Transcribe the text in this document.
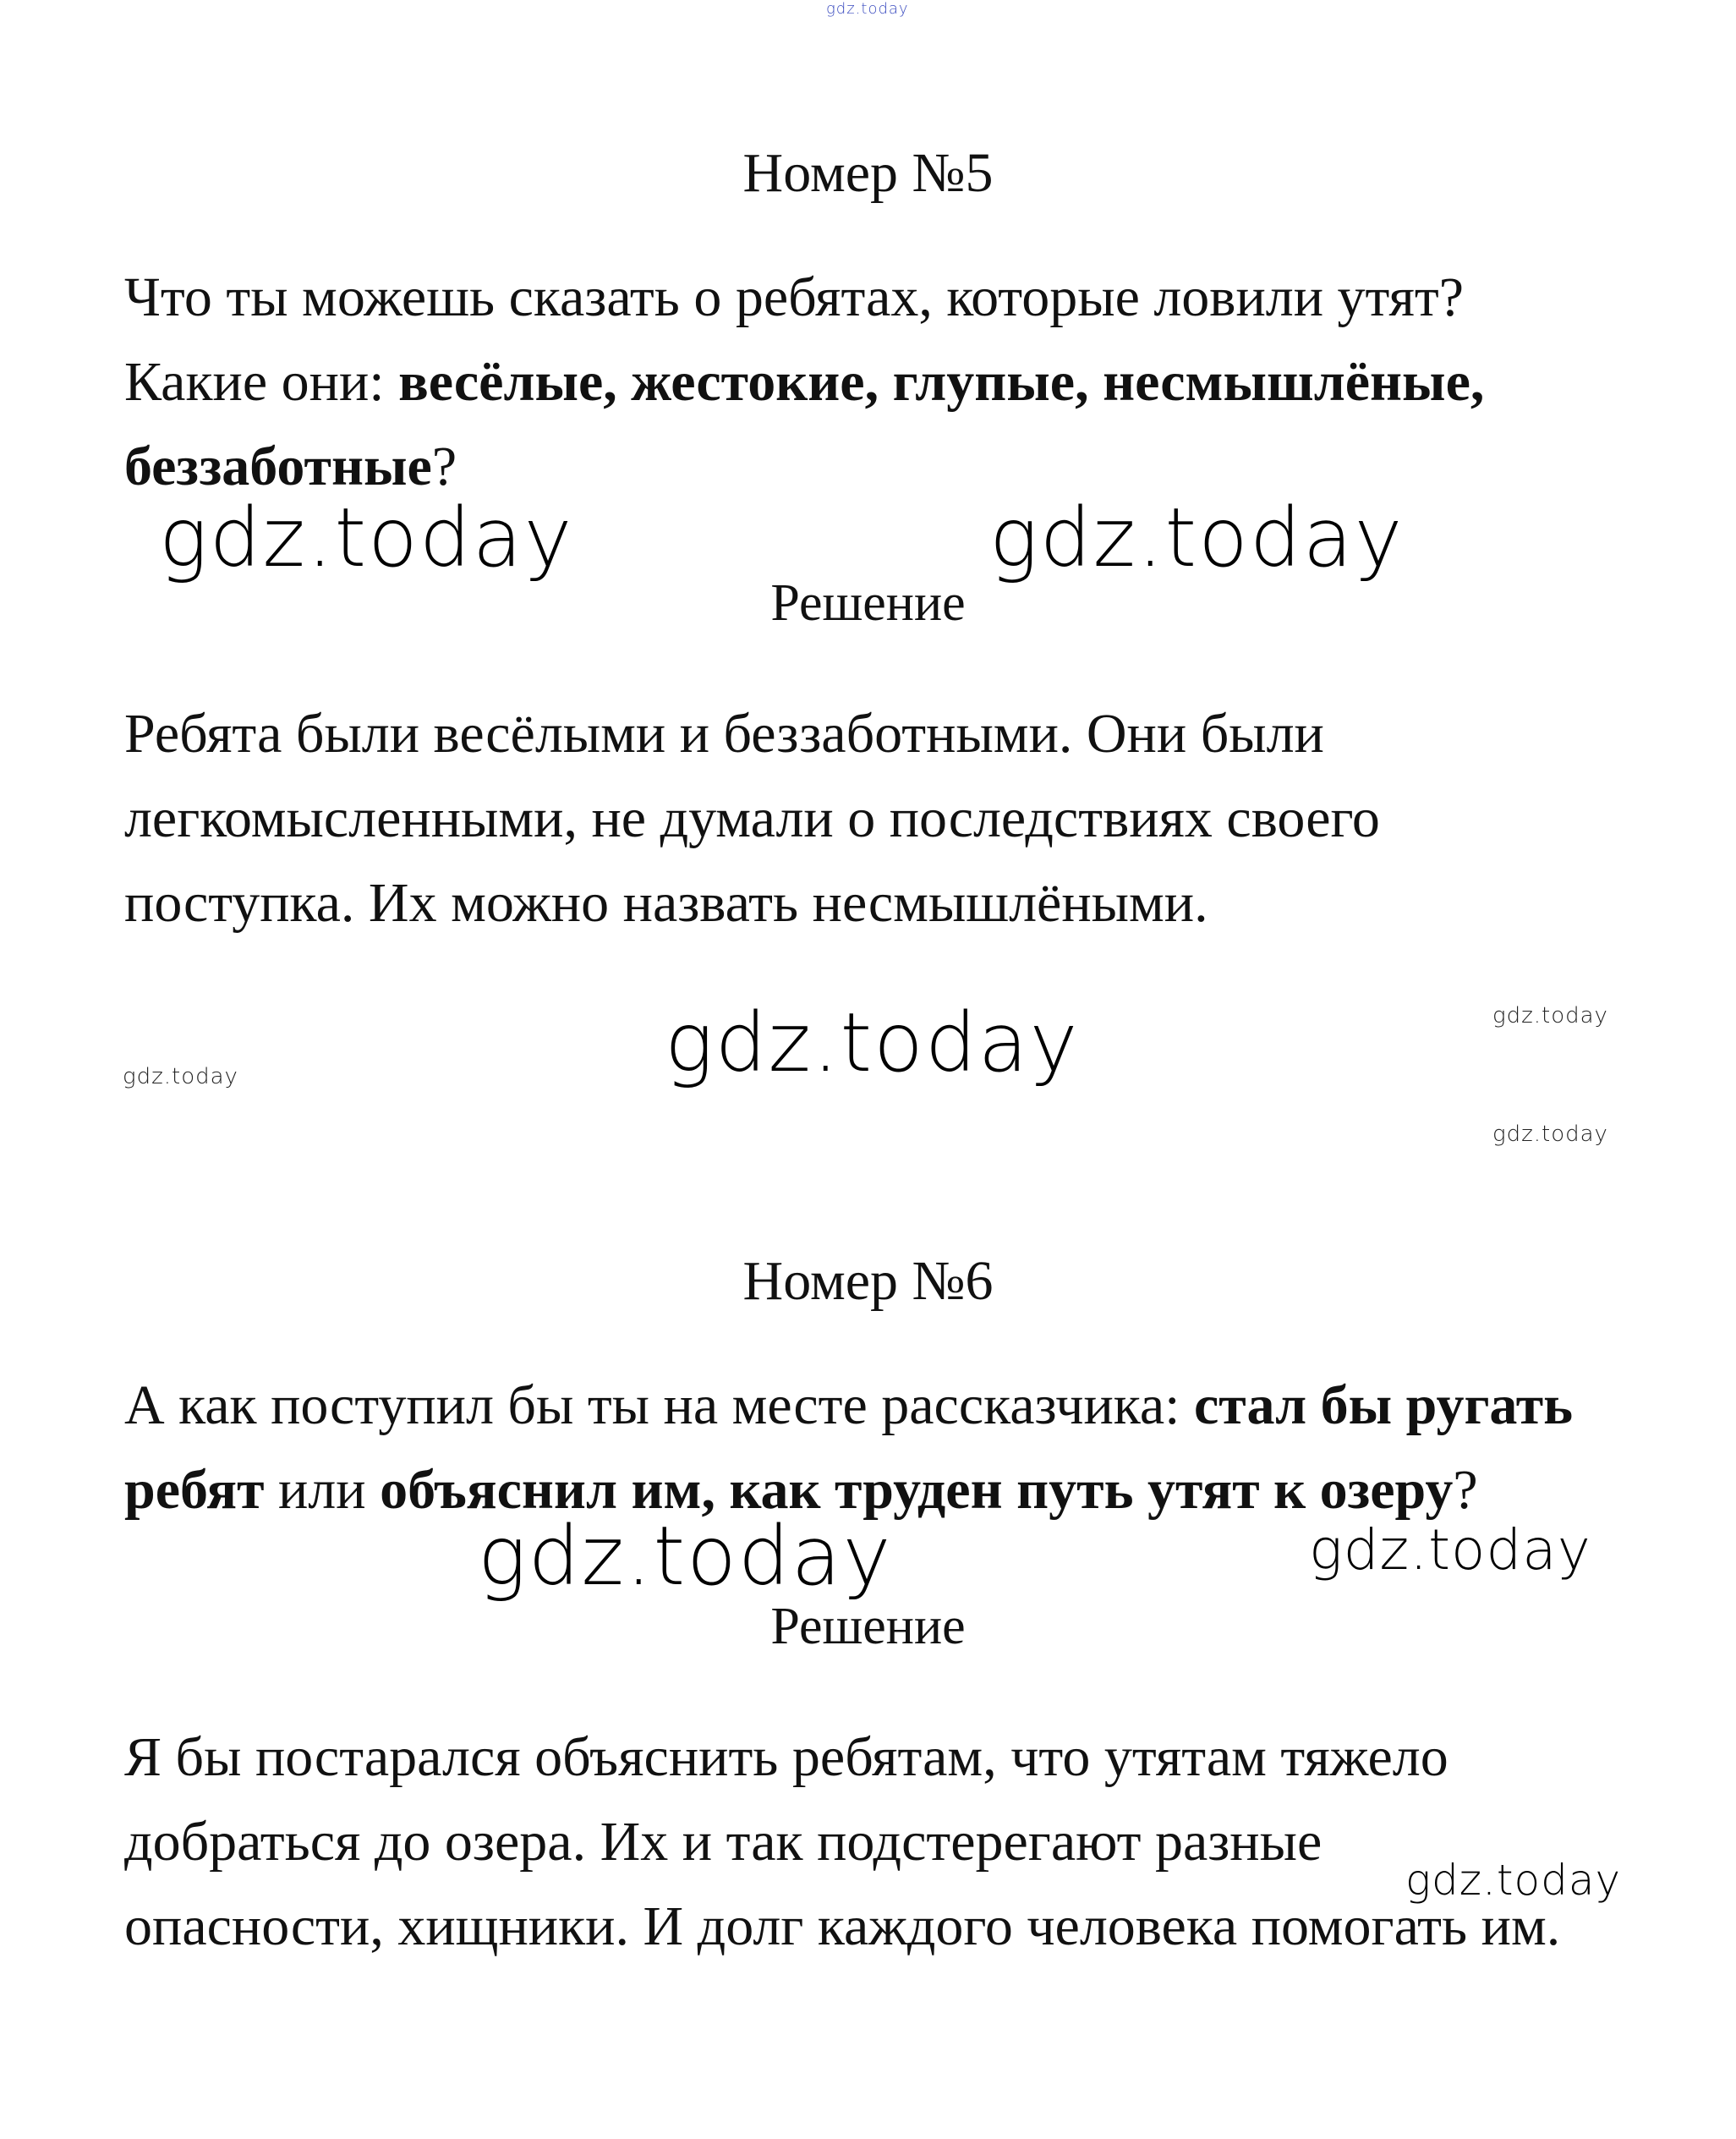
gdz.today
Номер №5
Что ты можешь сказать о ребятах, которые ловили утят?
Какие они: весёлые, жестокие, глупые, несмышлёные,
беззаботные?
gdz.today	gdz.today
Решение
Ребята были весёлыми и беззаботными. Они были
легкомысленными, не думали о последствиях своего
поступка. Их можно назвать несмышлёными.
gdz.today	gdz.today
gdz.today
gdz.today
Номер №6
А как поступил бы ты на месте рассказчика: стал бы ругать
ребят или объяснил им, как труден путь утят к озеру?
gdz.today	gdz.today
Решение
Я бы постарался объяснить ребятам, что утятам тяжело
добраться до озера. Их и так подстерегают разные
опасности, хищники. И долг каждого человека помогать им.
gdz.today
